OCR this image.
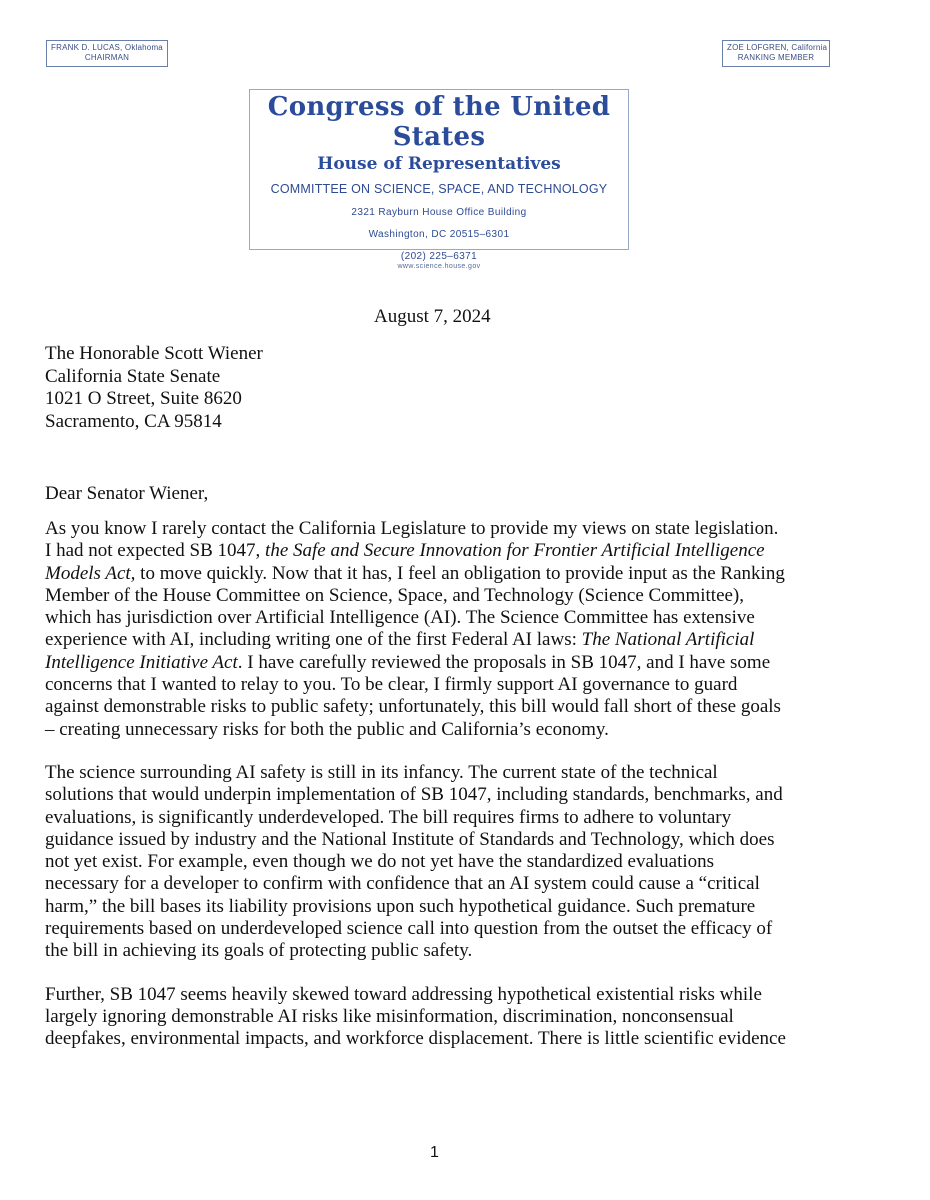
FRANK D. LUCAS, Oklahoma
CHAIRMAN
ZOE LOFGREN, California
RANKING MEMBER
Congress of the United States
House of Representatives
COMMITTEE ON SCIENCE, SPACE, AND TECHNOLOGY
2321 Rayburn House Office Building
Washington, DC 20515–6301
(202) 225–6371
www.science.house.gov
August 7, 2024
The Honorable Scott Wiener
California State Senate
1021 O Street, Suite 8620
Sacramento, CA 95814
Dear Senator Wiener,

As you know I rarely contact the California Legislature to provide my views on state legislation.
I had not expected SB 1047, the Safe and Secure Innovation for Frontier Artificial Intelligence
Models Act, to move quickly. Now that it has, I feel an obligation to provide input as the Ranking
Member of the House Committee on Science, Space, and Technology (Science Committee),
which has jurisdiction over Artificial Intelligence (AI). The Science Committee has extensive
experience with AI, including writing one of the first Federal AI laws: The National Artificial
Intelligence Initiative Act. I have carefully reviewed the proposals in SB 1047, and I have some
concerns that I wanted to relay to you. To be clear, I firmly support AI governance to guard
against demonstrable risks to public safety; unfortunately, this bill would fall short of these goals
– creating unnecessary risks for both the public and California’s economy.

The science surrounding AI safety is still in its infancy. The current state of the technical
solutions that would underpin implementation of SB 1047, including standards, benchmarks, and
evaluations, is significantly underdeveloped. The bill requires firms to adhere to voluntary
guidance issued by industry and the National Institute of Standards and Technology, which does
not yet exist. For example, even though we do not yet have the standardized evaluations
necessary for a developer to confirm with confidence that an AI system could cause a “critical
harm,” the bill bases its liability provisions upon such hypothetical guidance. Such premature
requirements based on underdeveloped science call into question from the outset the efficacy of
the bill in achieving its goals of protecting public safety.

Further, SB 1047 seems heavily skewed toward addressing hypothetical existential risks while
largely ignoring demonstrable AI risks like misinformation, discrimination, nonconsensual
deepfakes, environmental impacts, and workforce displacement. There is little scientific evidence

1
